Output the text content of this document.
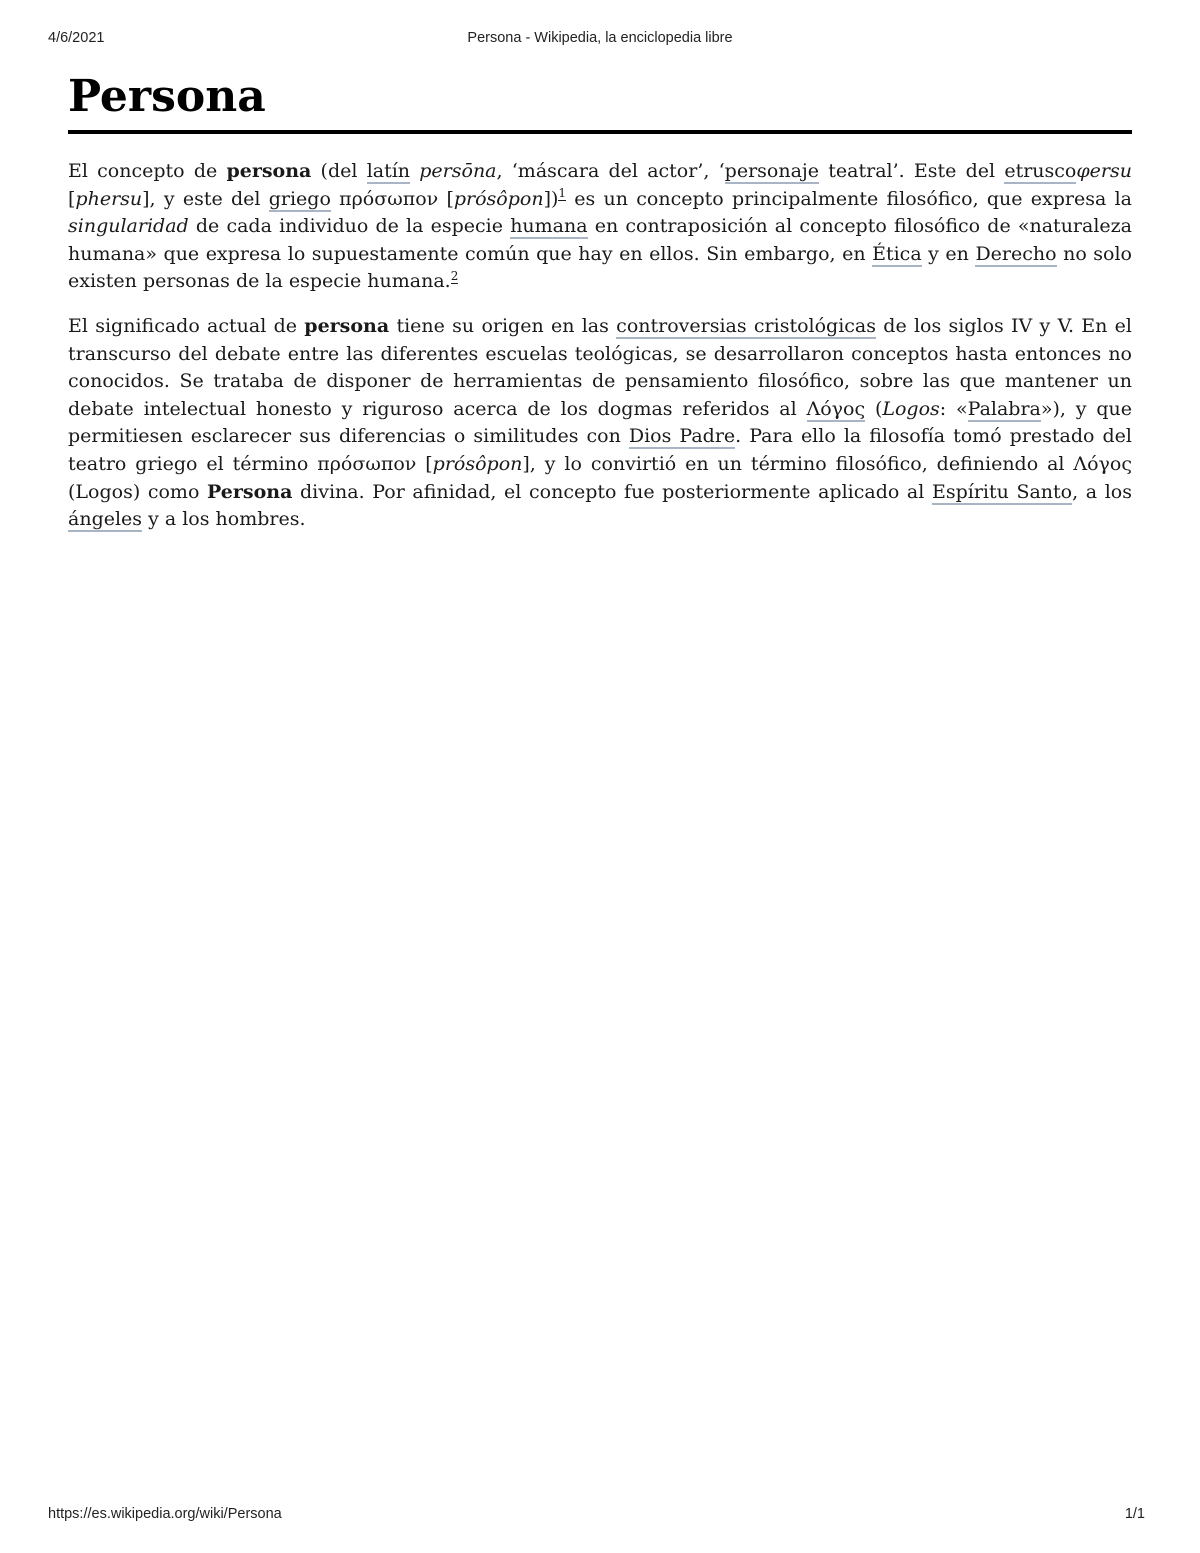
4/6/2021	Persona - Wikipedia, la enciclopedia libre
Persona

El concepto de persona (del latín persōna, ‘máscara del actor’, ‘personaje teatral’. Este del etruscoφersu [phersu], y este del griego πρόσωπον [prósôpon])$^1$ es un concepto principalmente filosófico, que expresa la singularidad de cada individuo de la especie humana en contraposición al concepto filosófico de «naturaleza humana» que expresa lo supuestamente común que hay en ellos. Sin embargo, en Ética y en Derecho no solo existen personas de la especie humana.$^2$

El significado actual de persona tiene su origen en las controversias cristológicas de los siglos IV y V. En el transcurso del debate entre las diferentes escuelas teológicas, se desarrollaron conceptos hasta entonces no conocidos. Se trataba de disponer de herramientas de pensamiento filosófico, sobre las que mantener un debate intelectual honesto y riguroso acerca de los dogmas referidos al Λόγος (Logos: «Palabra»), y que permitiesen esclarecer sus diferencias o similitudes con Dios Padre. Para ello la filosofía tomó prestado del teatro griego el término πρόσωπον [prósôpon], y lo convirtió en un término filosófico, definiendo al Λόγος (Logos) como Persona divina. Por afinidad, el concepto fue posteriormente aplicado al Espíritu Santo, a los ángeles y a los hombres.

https://es.wikipedia.org/wiki/Persona	1/1
